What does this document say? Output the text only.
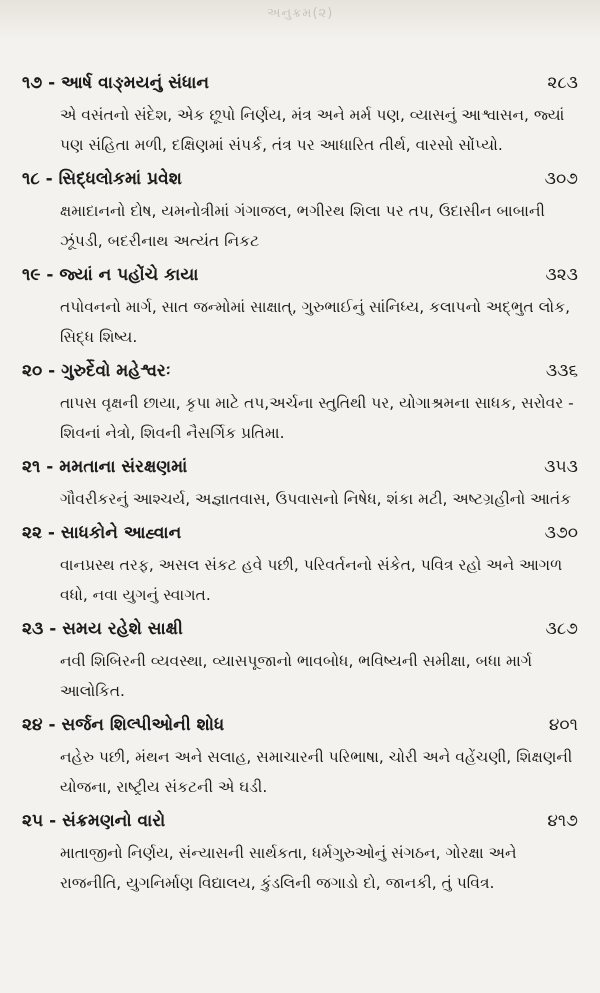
અનુક્રમ(૨)
૧૭ - આર્ષ વાઙ્મયનું સંધાન	૨૮૩

એ વસંતનો સંદેશ, એક છૂપો નિર્ણય, મંત્ર અને મર્મ પણ, વ્યાસનું આશ્વાસન, જ્યાં પણ સંહિતા મળી, દક્ષિણમાં સંપર્ક, તંત્ર પર આધારિત તીર્થ, વારસો સોંપ્યો.

૧૮ - સિદ્ધલોકમાં પ્રવેશ	૩૦૭

ક્ષમાદાનનો દોષ, યમનોત્રીમાં ગંગાજલ, ભગીરથ શિલા પર તપ, ઉદાસીન બાબાની ઝૂંપડી, બદરીનાથ અત્યંત નિકટ

૧૯ - જ્યાં ન પહોંચે કાયા	૩૨૩

તપોવનનો માર્ગ, સાત જન્મોમાં સાક્ષાત્, ગુરુભાઈનું સાંનિધ્ય, કલાપનો અદ્ભુત લોક, સિદ્ધ શિષ્ય.

૨૦ - ગુરુર્દેવો મહેશ્વરઃ	૩૩૬

તાપસ વૃક્ષની છાયા, કૃપા માટે તપ,અર્ચના સ્તુતિથી પર, યોગાશ્રમના સાધક, સરોવર - શિવનાં નેત્રો, શિવની નૈસર્ગિક પ્રતિમા.

૨૧ - મમતાના સંરક્ષણમાં	૩૫૩

ગૌવરીકરનું આશ્ચર્ય, અજ્ઞાતવાસ, ઉપવાસનો નિષેધ, શંકા મટી, અષ્ટગ્રહીનો આતંક

૨૨ - સાધકોને આહ્વાન	૩૭૦

વાનપ્રસ્થ તરફ, અસલ સંકટ હવે પછી, પરિવર્તનનો સંકેત, પવિત્ર રહો અને આગળ વધો, નવા યુગનું સ્વાગત.

૨૩ - સમય રહેશે સાક્ષી	૩૮૭

નવી શિબિરની વ્યવસ્થા, વ્યાસપૂજાનો ભાવબોધ, ભવિષ્યની સમીક્ષા, બધા માર્ગ આલોકિત.

૨૪ - સર્જન શિલ્પીઓની શોધ	૪૦૧

નહેરુ પછી, મંથન અને સલાહ, સમાચારની પરિભાષા, ચોરી અને વહેંચણી, શિક્ષણની યોજના, રાષ્ટ્રીય સંકટની એ ઘડી.

૨૫ - સંક્રમણનો વારો	૪૧૭

માતાજીનો નિર્ણય, સંન્યાસની સાર્થકતા, ધર્મગુરુઓનું સંગઠન, ગોરક્ષા અને રાજનીતિ, યુગનિર્માણ વિદ્યાલય, કુંડલિની જગાડો દો, જાનકી, તું પવિત્ર.
